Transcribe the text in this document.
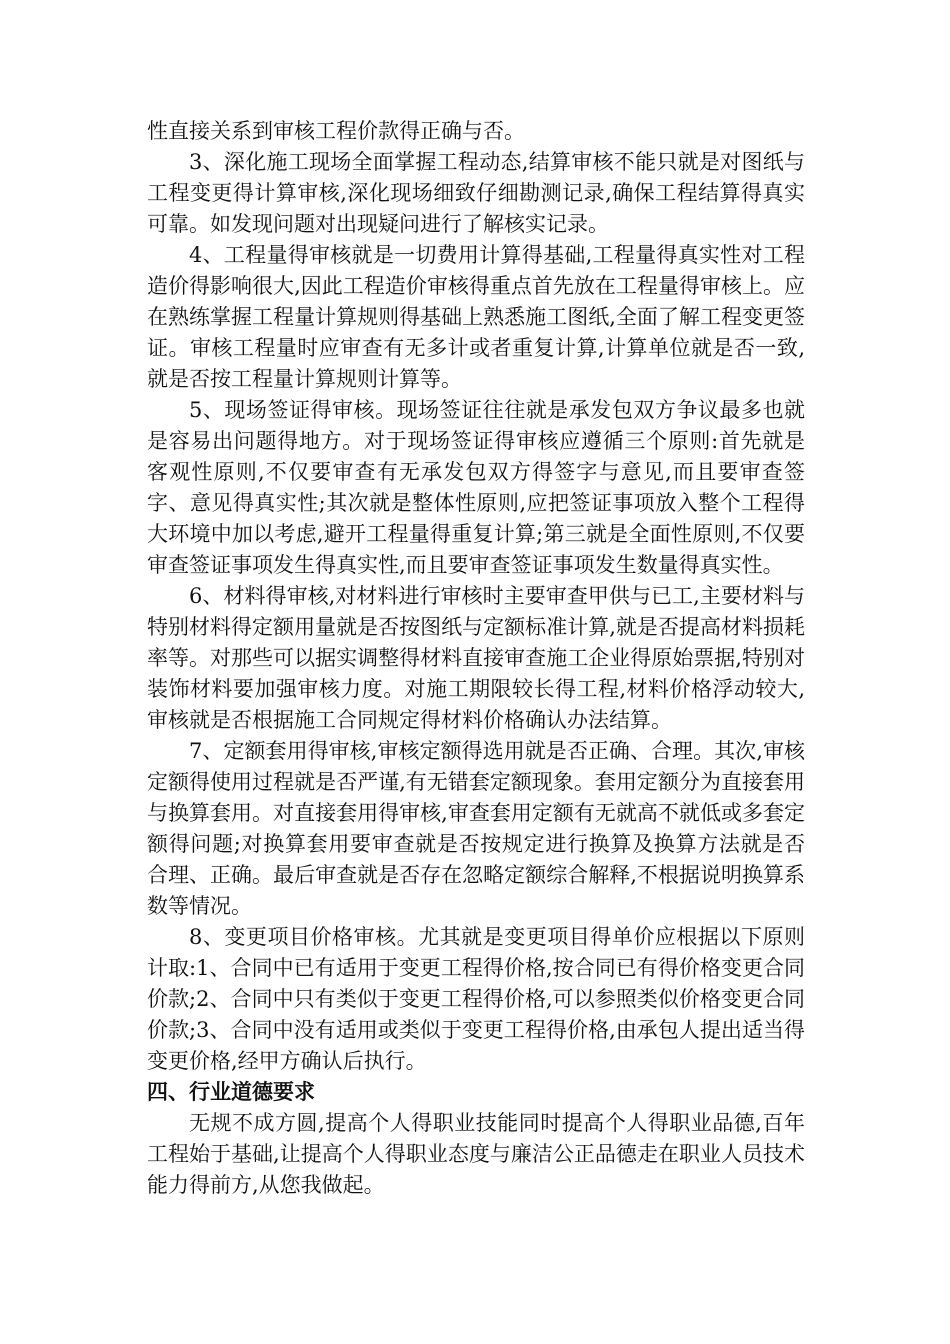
性直接关系到审核工程价款得正确与否。

3、深化施工现场全面掌握工程动态,结算审核不能只就是对图纸与工程变更得计算审核,深化现场细致仔细勘测记录,确保工程结算得真实可靠。如发现问题对出现疑问进行了解核实记录。

4、工程量得审核就是一切费用计算得基础,工程量得真实性对工程造价得影响很大,因此工程造价审核得重点首先放在工程量得审核上。应在熟练掌握工程量计算规则得基础上熟悉施工图纸,全面了解工程变更签证。审核工程量时应审查有无多计或者重复计算,计算单位就是否一致,就是否按工程量计算规则计算等。

5、现场签证得审核。现场签证往往就是承发包双方争议最多也就是容易出问题得地方。对于现场签证得审核应遵循三个原则:首先就是客观性原则,不仅要审查有无承发包双方得签字与意见,而且要审查签字、意见得真实性;其次就是整体性原则,应把签证事项放入整个工程得大环境中加以考虑,避开工程量得重复计算;第三就是全面性原则,不仅要审查签证事项发生得真实性,而且要审查签证事项发生数量得真实性。

6、材料得审核,对材料进行审核时主要审查甲供与已工,主要材料与特别材料得定额用量就是否按图纸与定额标准计算,就是否提高材料损耗率等。对那些可以据实调整得材料直接审查施工企业得原始票据,特别对装饰材料要加强审核力度。对施工期限较长得工程,材料价格浮动较大,审核就是否根据施工合同规定得材料价格确认办法结算。

7、定额套用得审核,审核定额得选用就是否正确、合理。其次,审核定额得使用过程就是否严谨,有无错套定额现象。套用定额分为直接套用与换算套用。对直接套用得审核,审查套用定额有无就高不就低或多套定额得问题;对换算套用要审查就是否按规定进行换算及换算方法就是否合理、正确。最后审查就是否存在忽略定额综合解释,不根据说明换算系数等情况。

8、变更项目价格审核。尤其就是变更项目得单价应根据以下原则计取:1、合同中已有适用于变更工程得价格,按合同已有得价格变更合同价款;2、合同中只有类似于变更工程得价格,可以参照类似价格变更合同价款;3、合同中没有适用或类似于变更工程得价格,由承包人提出适当得变更价格,经甲方确认后执行。

四、行业道德要求

无规不成方圆,提高个人得职业技能同时提高个人得职业品德,百年工程始于基础,让提高个人得职业态度与廉洁公正品德走在职业人员技术能力得前方,从您我做起。
